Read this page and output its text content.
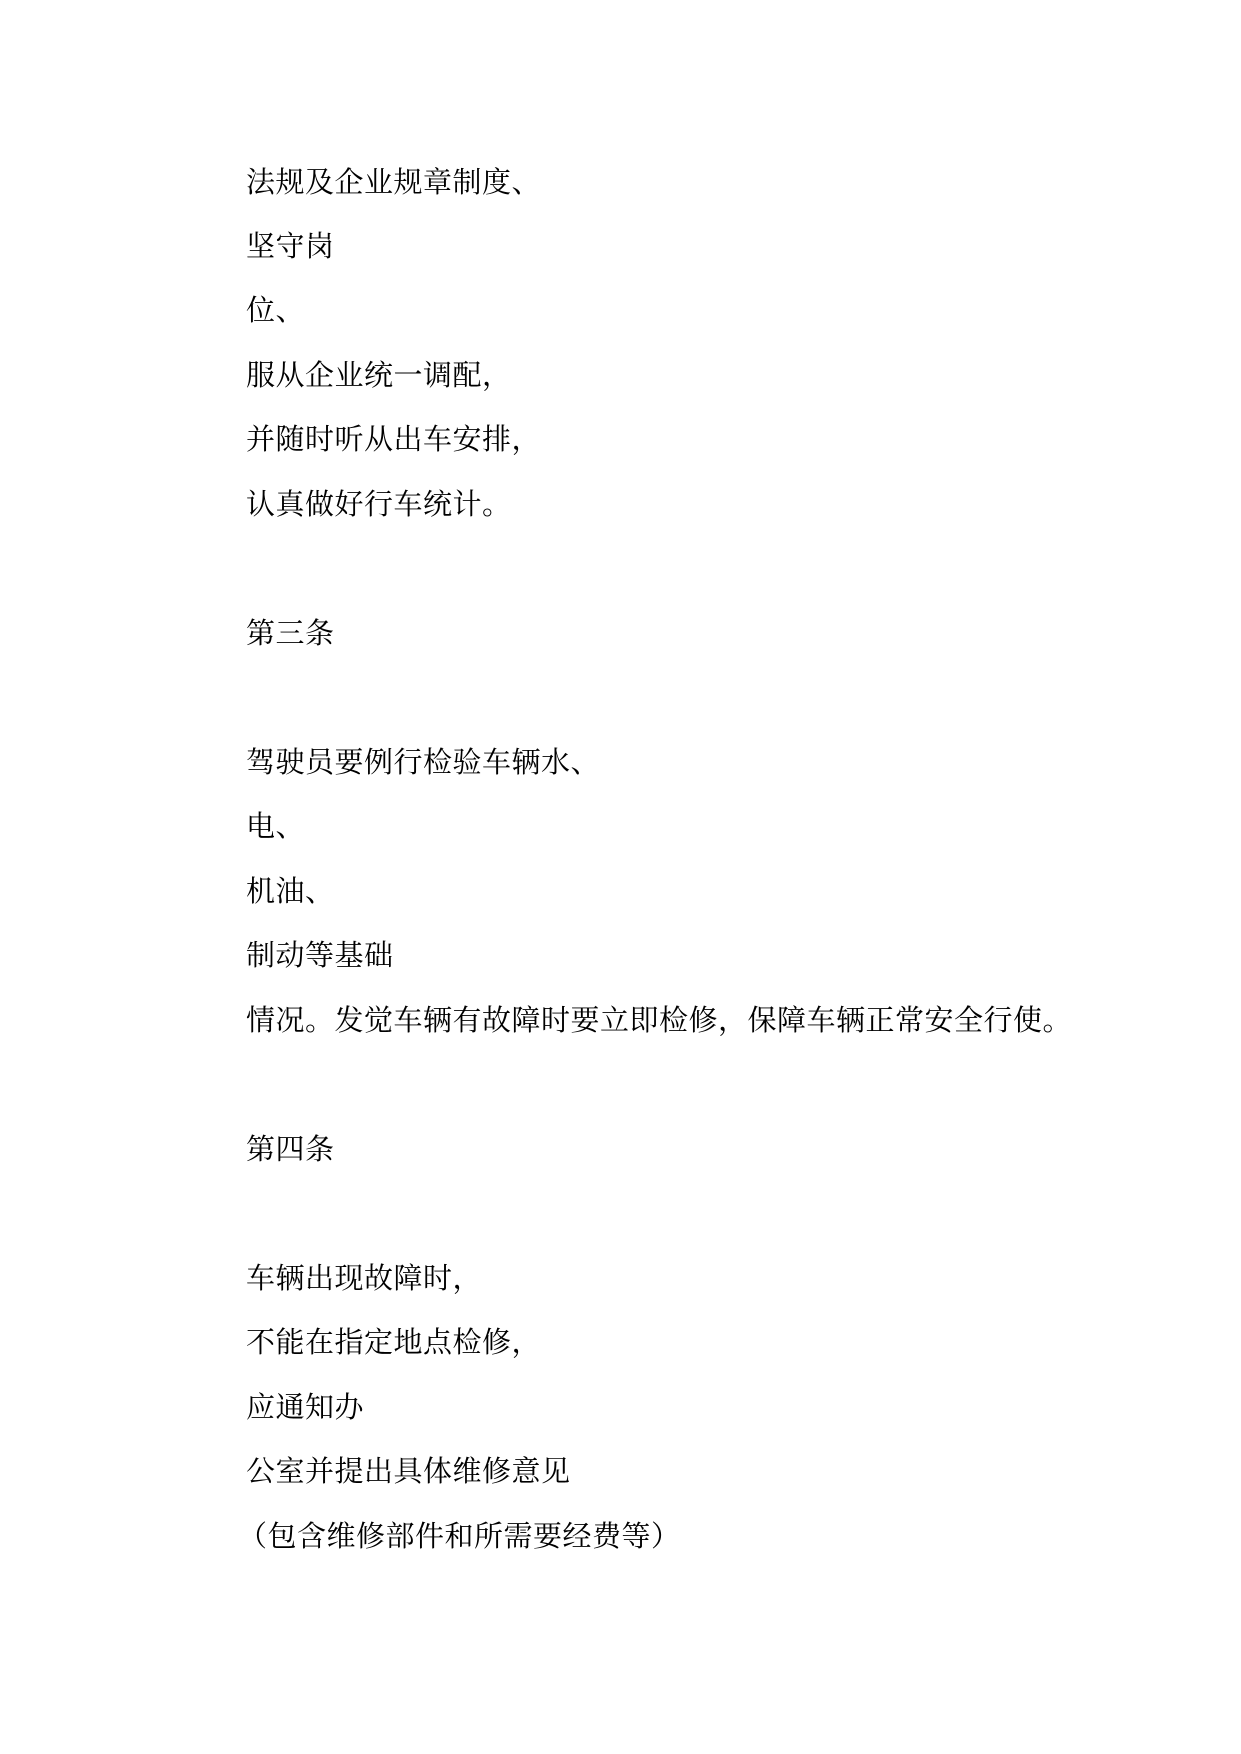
法规及企业规章制度、
坚守岗
位、
服从企业统一调配，
并随时听从出车安排，
认真做好行车统计。
第三条
驾驶员要例行检验车辆水、
电、
机油、
制动等基础
情况。发觉车辆有故障时要立即检修，保障车辆正常安全行使。
第四条
车辆出现故障时，
不能在指定地点检修，
应通知办
公室并提出具体维修意见
（包含维修部件和所需要经费等）
